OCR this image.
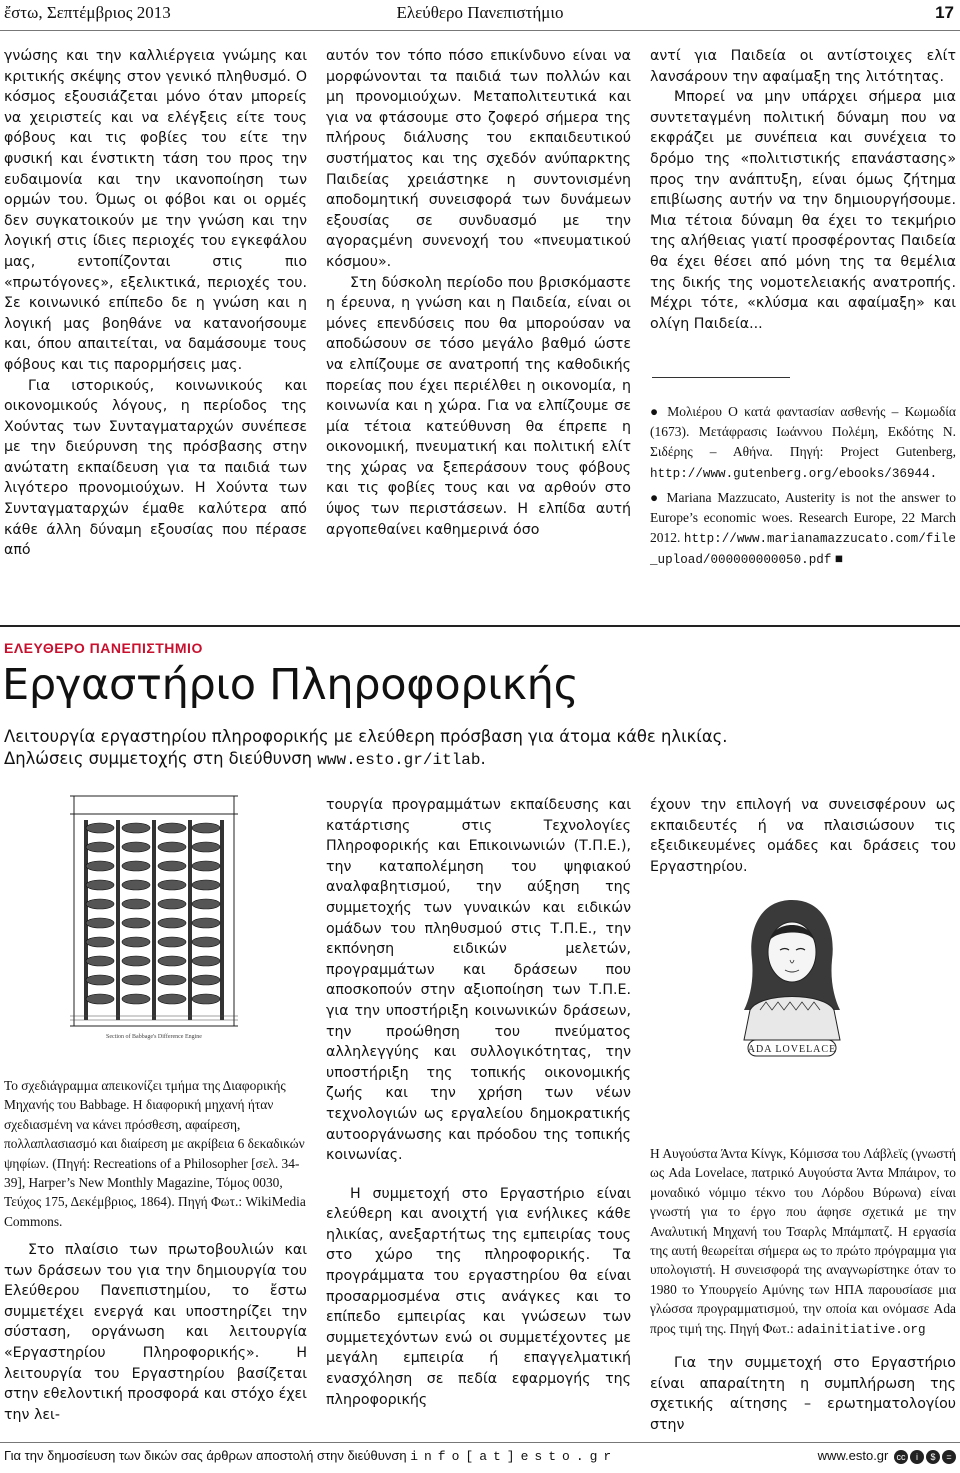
ἔστω, Σεπτέμβριος 2013	Ελεύθερο Πανεπιστήμιο	17

γνώσης και την καλλιέργεια γνώμης και κριτικής σκέψης στον γενικό πληθυσμό. Ο κόσμος εξουσιάζεται μόνο όταν μπορείς να χειριστείς και να ελέγξεις είτε τους φόβους και τις φοβίες του είτε την φυσική και ένστικτη τάση του προς την ευδαιμονία και την ικανοποίηση των ορμών του. Όμως οι φόβοι και οι ορμές δεν συγκατοικούν με την γνώση και την λογική στις ίδιες περιοχές του εγκεφάλου μας, εντοπίζονται στις πιο «πρωτόγονες», εξελικτικά, περιοχές του. Σε κοινωνικό επίπεδο δε η γνώση και η λογική μας βοηθάνε να κατανοήσουμε και, όπου απαιτείται, να δαμάσουμε τους φόβους και τις παρορμήσεις μας.

Για ιστορικούς, κοινωνικούς και οικονομικούς λόγους, η περίοδος της Χούντας των Συνταγματαρχών συνέπεσε με την διεύρυνση της πρόσβασης στην ανώτατη εκπαίδευση για τα παιδιά των λιγότερο προνομιούχων. Η Χούντα των Συνταγματαρχών έμαθε καλύτερα από κάθε άλλη δύναμη εξουσίας που πέρασε από

αυτόν τον τόπο πόσο επικίνδυνο είναι να μορφώνονται τα παιδιά των πολλών και μη προνομιούχων. Μεταπολιτευτικά και για να φτάσουμε στο ζοφερό σήμερα της πλήρους διάλυσης του εκπαιδευτικού συστήματος και της σχεδόν ανύπαρκτης Παιδείας χρειάστηκε η συντονισμένη αποδομητική συνεισφορά των δυνάμεων εξουσίας σε συνδυασμό με την αγοραςμένη συνενοχή του «πνευματικού κόσμου».

Στη δύσκολη περίοδο που βρισκόμαστε η έρευνα, η γνώση και η Παιδεία, είναι οι μόνες επενδύσεις που θα μπορούσαν να αποδώσουν σε τόσο μεγάλο βαθμό ώστε να ελπίζουμε σε ανατροπή της καθοδικής πορείας που έχει περιέλθει η οικονομία, η κοινωνία και η χώρα. Για να ελπίζουμε σε μία τέτοια κατεύθυνση θα έπρεπε η οικονομική, πνευματική και πολιτική ελίτ της χώρας να ξεπεράσουν τους φόβους και τις φοβίες τους και να αρθούν στο ύψος των περιστάσεων. Η ελπίδα αυτή αργοπεθαίνει καθημερινά όσο

αντί για Παιδεία οι αντίστοιχες ελίτ λανσάρουν την αφαίμαξη της λιτότητας.

Μπορεί να μην υπάρχει σήμερα μια συντεταγμένη πολιτική δύναμη που να εκφράζει με συνέπεια και συνέχεια το δρόμο της «πολιτιστικής επανάστασης» προς την ανάπτυξη, είναι όμως ζήτημα επιβίωσης αυτήν να την δημιουργήσουμε. Μια τέτοια δύναμη θα έχει το τεκμήριο της αλήθειας γιατί προσφέροντας Παιδεία θα έχει θέσει από μόνη της τα θεμέλια της δικής της νομοτελειακής ανατροπής. Μέχρι τότε, «κλύσμα και αφαίμαξη» και ολίγη Παιδεία...

● Μολιέρου Ο κατά φαντασίαν ασθενής – Κωμωδία (1673). Μετάφρασις Ιωάννου Πολέμη, Εκδότης Ν. Σιδέρης – Αθήνα. Πηγή: Project Gutenberg, http://www.gutenberg.org/ebooks/36944.

● Mariana Mazzucato, Austerity is not the answer to Europe’s economic woes. Research Europe, 22 March 2012. http://www.marianamazzucato.com/file_upload/000000000050.pdf ■

ΕΛΕΥΘΕΡΟ ΠΑΝΕΠΙΣΤΗΜΙΟ
Εργαστήριο Πληροφορικής
Λειτουργία εργαστηρίου πληροφορικής με ελεύθερη πρόσβαση για άτομα κάθε ηλικίας.
Δηλώσεις συμμετοχής στη διεύθυνση www.esto.gr/itlab.
Section of Babbage's Difference Engine
Το σχεδιάγραμμα απεικονίζει τμήμα της Διαφορικής Μηχανής του Babbage. Η διαφορική μηχανή ήταν σχεδιασμένη να κάνει πρόσθεση, αφαίρεση, πολλαπλασιασμό και διαίρεση με ακρίβεια 6 δεκαδικών ψηφίων. (Πηγή: Recreations of a Philosopher [σελ. 34-39], Harper’s New Monthly Magazine, Τόμος 0030, Τεύχος 175, Δεκέμβριος, 1864). Πηγή Φωτ.: WikiMedia Commons.

Στο πλαίσιο των πρωτοβουλιών και των δράσεων του για την δημιουργία του Ελεύθερου Πανεπιστημίου, το ἔστω συμμετέχει ενεργά και υποστηρίζει την σύσταση, οργάνωση και λειτουργία «Εργαστηρίου Πληροφορικής». Η λειτουργία του Εργαστηρίου βασίζεται στην εθελοντική προσφορά και στόχο έχει την λει-

τουργία προγραμμάτων εκπαίδευσης και κατάρτισης στις Τεχνολογίες Πληροφορικής και Επικοινωνιών (Τ.Π.Ε.), την καταπολέμηση του ψηφιακού αναλφαβητισμού, την αύξηση της συμμετοχής των γυναικών και ειδικών ομάδων του πληθυσμού στις Τ.Π.Ε., την εκπόνηση ειδικών μελετών, προγραμμάτων και δράσεων που αποσκοπούν στην αξιοποίηση των Τ.Π.Ε. για την υποστήριξη κοινωνικών δράσεων, την προώθηση του πνεύματος αλληλεγγύης και συλλογικότητας, την υποστήριξη της τοπικής οικονομικής ζωής και την χρήση των νέων τεχνολογιών ως εργαλείου δημοκρατικής αυτοοργάνωσης και πρόοδου της τοπικής κοινωνίας.

Η συμμετοχή στο Εργαστήριο είναι ελεύθερη και ανοιχτή για ενήλικες κάθε ηλικίας, ανεξαρτήτως της εμπειρίας τους στο χώρο της πληροφορικής. Τα προγράμματα του εργαστηρίου θα είναι προσαρμοσμένα στις ανάγκες και το επίπεδο εμπειρίας και γνώσεων των συμμετεχόντων ενώ οι συμμετέχοντες με μεγάλη εμπειρία ή επαγγελματική ενασχόληση σε πεδία εφαρμογής της πληροφορικής

έχουν την επιλογή να συνεισφέρουν ως εκπαιδευτές ή να πλαισιώσουν τις εξειδικευμένες ομάδες και δράσεις του Εργαστηρίου.

ADA LOVELACE
Η Αυγούστα Άντα Κίνγκ, Κόμισσα του Λάβλεϊς (γνωστή ως Ada Lovelace, πατρικό Αυγούστα Άντα Μπάιρον, το μοναδικό νόμιμο τέκνο του Λόρδου Βύρωνα) είναι γνωστή για το έργο που άφησε σχετικά με την Αναλυτική Μηχανή του Τσαρλς Μπάμπατζ. Η εργασία της αυτή θεωρείται σήμερα ως το πρώτο πρόγραμμα για υπολογιστή. Η συνεισφορά της αναγνωρίστηκε όταν το 1980 το Υπουργείο Αμύνης των ΗΠΑ παρουσίασε μια γλώσσα προγραμματισμού, την οποία και ονόμασε Ada προς τιμή της. Πηγή Φωτ.: adainitiative.org

Για την συμμετοχή στο Εργαστήριο είναι απαραίτητη η συμπλήρωση της σχετικής αίτησης – ερωτηματολογίου στην

Για την δημοσίευση των δικών σας άρθρων αποστολή στην διεύθυνση info[at]esto.gr	www.esto.gr cc i $ =
